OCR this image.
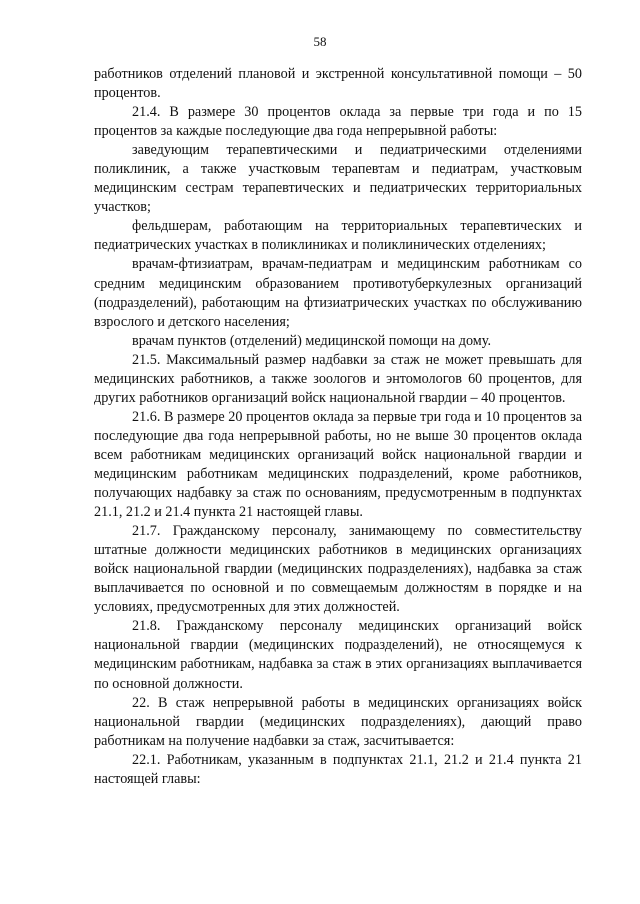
58

работников отделений плановой и экстренной консультативной помощи – 50 процентов.

21.4. В размере 30 процентов оклада за первые три года и по 15 процентов за каждые последующие два года непрерывной работы:

заведующим терапевтическими и педиатрическими отделениями поликлиник, а также участковым терапевтам и педиатрам, участковым медицинским сестрам терапевтических и педиатрических территориальных участков;

фельдшерам, работающим на территориальных терапевтических и педиатрических участках в поликлиниках и поликлинических отделениях;

врачам-фтизиатрам, врачам-педиатрам и медицинским работникам со средним медицинским образованием противотуберкулезных организаций (подразделений), работающим на фтизиатрических участках по обслуживанию взрослого и детского населения;

врачам пунктов (отделений) медицинской помощи на дому.

21.5. Максимальный размер надбавки за стаж не может превышать для медицинских работников, а также зоологов и энтомологов 60 процентов, для других работников организаций войск национальной гвардии – 40 процентов.

21.6. В размере 20 процентов оклада за первые три года и 10 процентов за последующие два года непрерывной работы, но не выше 30 процентов оклада всем работникам медицинских организаций войск национальной гвардии и медицинским работникам медицинских подразделений, кроме работников, получающих надбавку за стаж по основаниям, предусмотренным в подпунктах 21.1, 21.2 и 21.4 пункта 21 настоящей главы.

21.7. Гражданскому персоналу, занимающему по совместительству штатные должности медицинских работников в медицинских организациях войск национальной гвардии (медицинских подразделениях), надбавка за стаж выплачивается по основной и по совмещаемым должностям в порядке и на условиях, предусмотренных для этих должностей.

21.8. Гражданскому персоналу медицинских организаций войск национальной гвардии (медицинских подразделений), не относящемуся к медицинским работникам, надбавка за стаж в этих организациях выплачивается по основной должности.

22. В стаж непрерывной работы в медицинских организациях войск национальной гвардии (медицинских подразделениях), дающий право работникам на получение надбавки за стаж, засчитывается:

22.1. Работникам, указанным в подпунктах 21.1, 21.2 и 21.4 пункта 21 настоящей главы:
